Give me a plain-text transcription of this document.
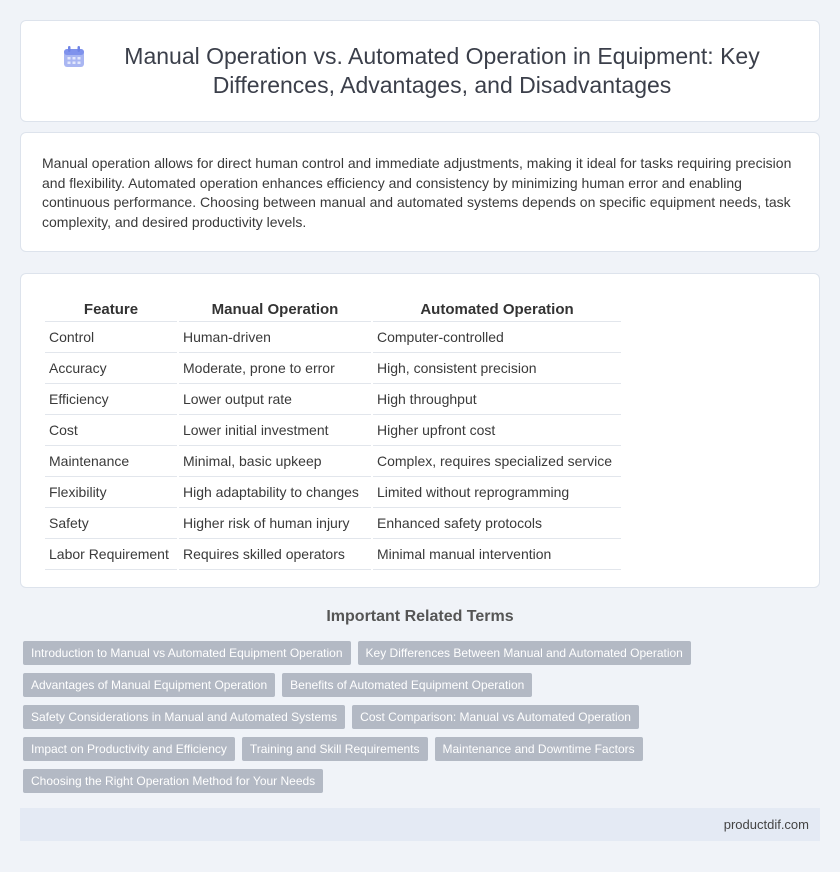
Manual Operation vs. Automated Operation in Equipment: Key Differences, Advantages, and Disadvantages

Manual operation allows for direct human control and immediate adjustments, making it ideal for tasks requiring precision and flexibility. Automated operation enhances efficiency and consistency by minimizing human error and enabling continuous performance. Choosing between manual and automated systems depends on specific equipment needs, task complexity, and desired productivity levels.

Feature	Manual Operation	Automated Operation
Control	Human-driven	Computer-controlled
Accuracy	Moderate, prone to error	High, consistent precision
Efficiency	Lower output rate	High throughput
Cost	Lower initial investment	Higher upfront cost
Maintenance	Minimal, basic upkeep	Complex, requires specialized service
Flexibility	High adaptability to changes	Limited without reprogramming
Safety	Higher risk of human injury	Enhanced safety protocols
Labor Requirement	Requires skilled operators	Minimal manual intervention
Important Related Terms
Introduction to Manual vs Automated Equipment Operation	Key Differences Between Manual and Automated Operation
Advantages of Manual Equipment Operation	Benefits of Automated Equipment Operation
Safety Considerations in Manual and Automated Systems	Cost Comparison: Manual vs Automated Operation
Impact on Productivity and Efficiency	Training and Skill Requirements	Maintenance and Downtime Factors
Choosing the Right Operation Method for Your Needs
productdif.com
